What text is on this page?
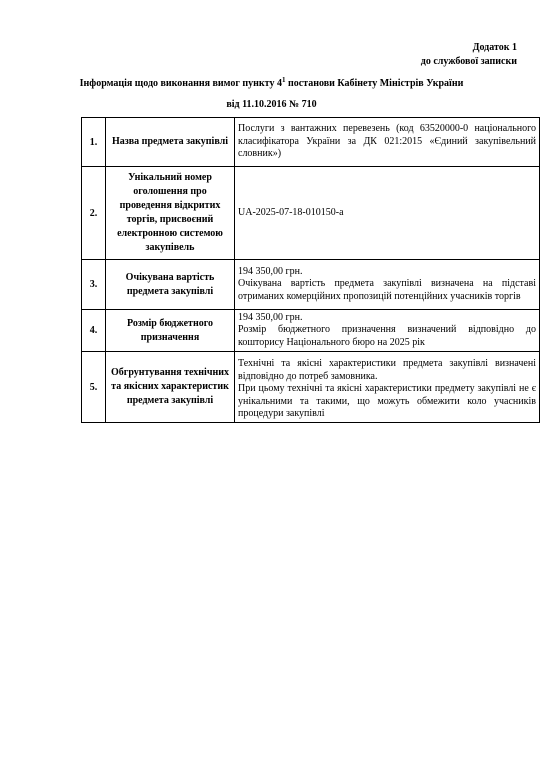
Додаток 1
до службової записки
Інформація щодо виконання вимог пункту $4^1$ постанови Кабінету Міністрів України
від 11.10.2016 № 710
1.	Назва предмета закупівлі	Послуги з вантажних перевезень (код 63520000-0 національного класифікатора України за ДК 021:2015 «Єдиний закупівельний словник»)

2.	Унікальний номер оголошення про проведення відкритих торгів, присвоєний електронною системою закупівель	UA-2025-07-18-010150-a

3.	Очікувана вартість предмета закупівлі	194 350,00 грн.
Очікувана вартість предмета закупівлі визначена на підставі отриманих комерційних пропозицій потенційних учасників торгів

4.	Розмір бюджетного призначення	194 350,00 грн.
Розмір бюджетного призначення визначений відповідно до кошторису Національного бюро на 2025 рік

5.	Обгрунтування технічних та якісних характеристик предмета закупівлі	Технічні та якісні характеристики предмета закупівлі визначені відповідно до потреб замовника.
При цьому технічні та якісні характеристики предмету закупівлі не є унікальними та такими, що можуть обмежити коло учасників процедури закупівлі
